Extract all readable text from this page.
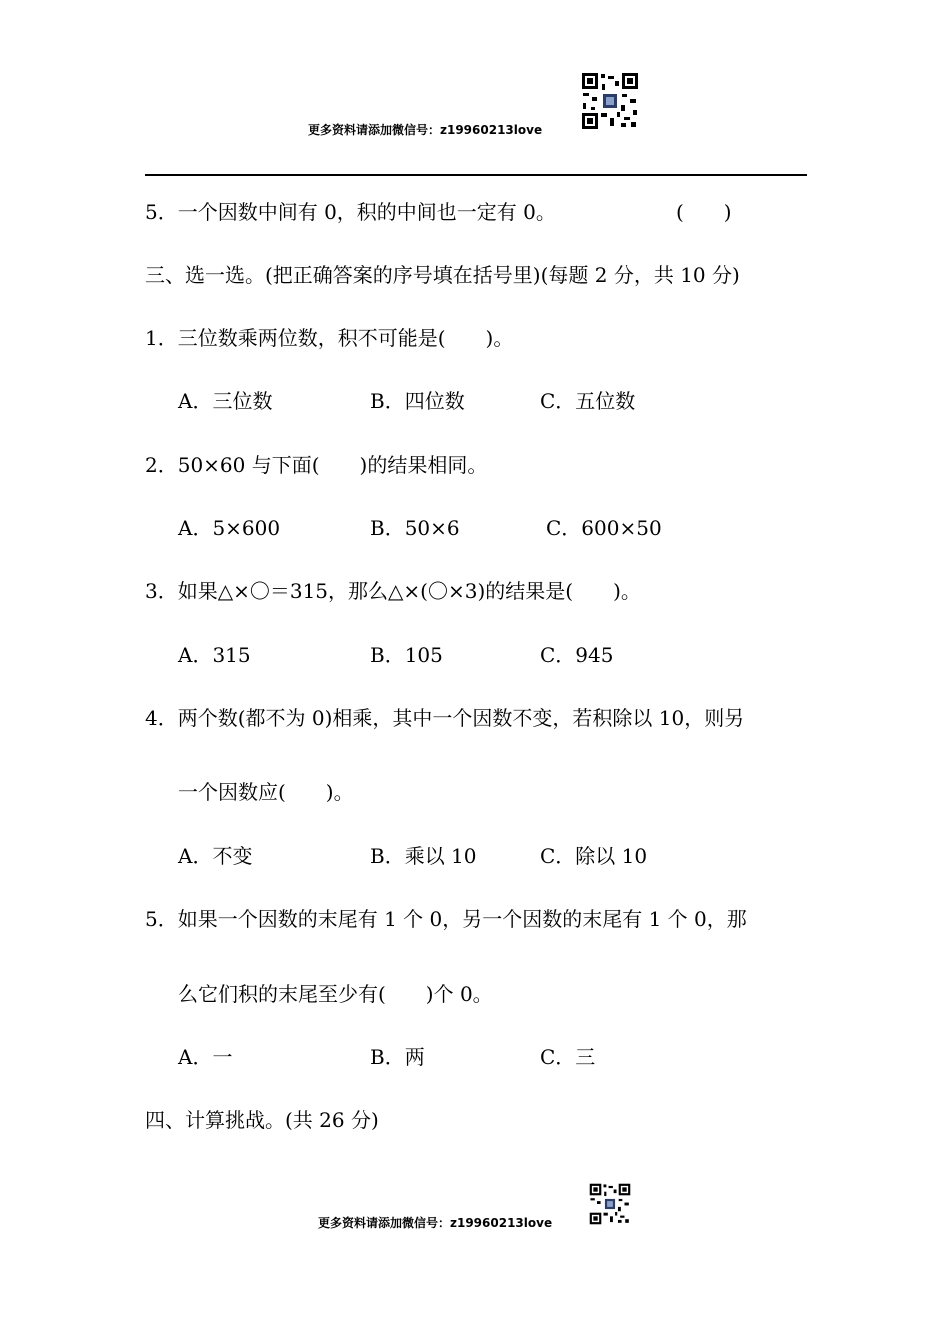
更多资料请添加微信号：z19960213love
5．一个因数中间有 0，积的中间也一定有 0。	(　　)
三、选一选。(把正确答案的序号填在括号里)(每题 2 分，共 10 分)
1．三位数乘两位数，积不可能是(　　)。
A．三位数	B．四位数	C．五位数
2．50×60 与下面(　　)的结果相同。
A．5×600	B．50×6	C．600×50
3．如果△×〇＝315，那么△×(〇×3)的结果是(　　)。
A．315	B．105	C．945
4．两个数(都不为 0)相乘，其中一个因数不变，若积除以 10，则另
一个因数应(　　)。
A．不变	B．乘以 10	C．除以 10
5．如果一个因数的末尾有 1 个 0，另一个因数的末尾有 1 个 0，那
么它们积的末尾至少有(　　)个 0。
A．一	B．两	C．三
四、计算挑战。(共 26 分)
更多资料请添加微信号：z19960213love
